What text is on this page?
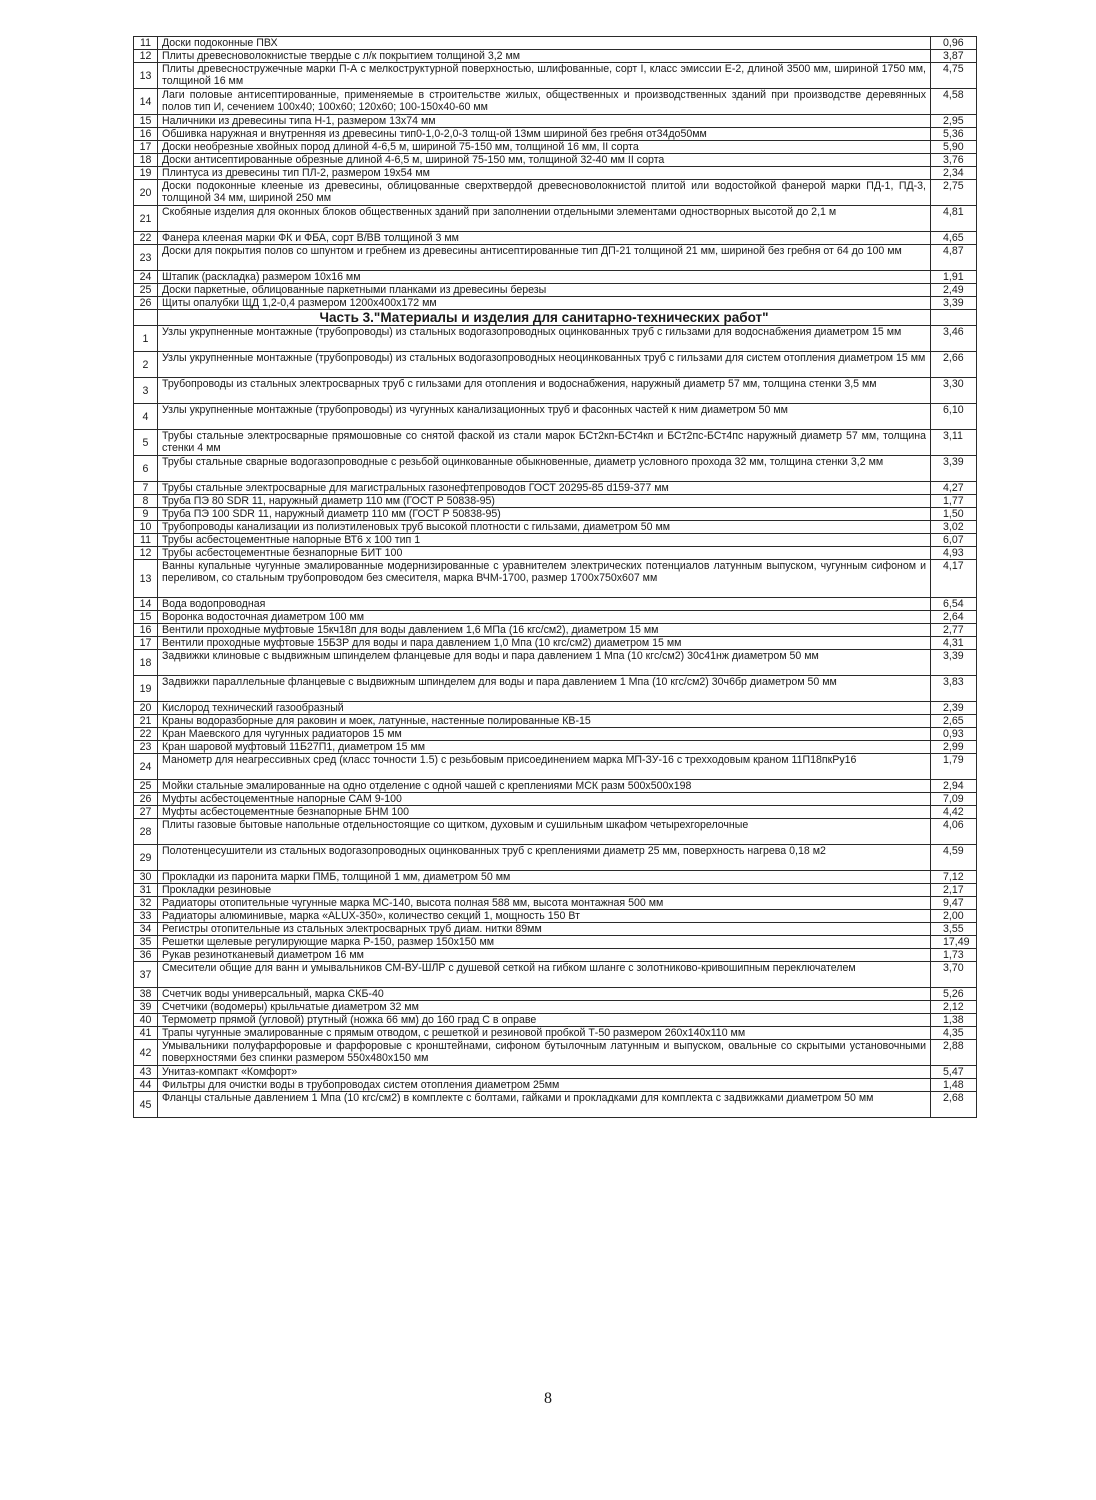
11	Доски подоконные ПВХ	0,96
12	Плиты древесноволокнистые твердые с л/к покрытием толщиной 3,2 мм	3,87
13	Плиты древесностружечные марки П-А с мелкоструктурной поверхностью, шлифованные, сорт I, класс эмиссии Е-2, длиной 3500 мм, шириной 1750 мм, толщиной 16 мм	4,75
14	Лаги половые антисептированные, применяемые в строительстве жилых, общественных и производственных зданий при производстве деревянных полов тип И, сечением 100х40; 100х60; 120х60; 100-150х40-60 мм	4,58
15	Наличники из древесины типа Н-1, размером 13х74 мм	2,95
16	Обшивка наружная и внутренняя из древесины тип0-1,0-2,0-3 толщ-ой 13мм шириной без гребня от34до50мм	5,36
17	Доски необрезные хвойных пород длиной 4-6,5 м, шириной 75-150 мм, толщиной 16 мм, II сорта	5,90
18	Доски антисептированные обрезные длиной 4-6,5 м, шириной 75-150 мм, толщиной 32-40 мм II сорта	3,76
19	Плинтуса из древесины тип ПЛ-2, размером 19х54 мм	2,34
20	Доски подоконные клееные из древесины, облицованные сверхтвердой древесноволокнистой плитой или водостойкой фанерой марки ПД-1, ПД-3, толщиной 34 мм, шириной 250 мм	2,75
21	Скобяные изделия для оконных блоков общественных зданий при заполнении отдельными элементами одностворных высотой до 2,1 м	4,81
22	Фанера клееная марки ФК и ФБА, сорт В/ВВ толщиной 3 мм	4,65
23	Доски для покрытия полов со шпунтом и гребнем из древесины антисептированные тип ДП-21 толщиной 21 мм, шириной без гребня от 64 до 100 мм	4,87
24	Штапик (раскладка) размером 10х16 мм	1,91
25	Доски паркетные, облицованные паркетными планками из древесины березы	2,49
26	Щиты опалубки ЩД 1,2-0,4 размером 1200х400х172 мм	3,39
	Часть 3."Материалы и изделия для санитарно-технических работ"	
1	Узлы укрупненные монтажные (трубопроводы) из стальных водогазопроводных оцинкованных труб с гильзами для водоснабжения диаметром 15 мм	3,46
2	Узлы укрупненные монтажные (трубопроводы) из стальных водогазопроводных неоцинкованных труб с гильзами для систем отопления диаметром 15 мм	2,66
3	Трубопроводы из стальных электросварных труб с гильзами для отопления и водоснабжения, наружный диаметр 57 мм, толщина стенки 3,5 мм	3,30
4	Узлы укрупненные монтажные (трубопроводы) из чугунных канализационных труб и фасонных частей к ним диаметром 50 мм	6,10
5	Трубы стальные электросварные прямошовные со снятой фаской из стали марок БСт2кп-БСт4кп и БСт2пс-БСт4пс наружный диаметр 57 мм, толщина стенки 4 мм	3,11
6	Трубы стальные сварные водогазопроводные с резьбой оцинкованные обыкновенные, диаметр условного прохода 32 мм, толщина стенки 3,2 мм	3,39
7	Трубы стальные электросварные для магистральных газонефтепроводов ГОСТ 20295-85 d159-377 мм	4,27
8	Труба ПЭ 80 SDR 11, наружный диаметр 110 мм (ГОСТ Р 50838-95)	1,77
9	Труба ПЭ 100 SDR 11, наружный диаметр 110 мм (ГОСТ Р 50838-95)	1,50
10	Трубопроводы канализации из полиэтиленовых труб высокой плотности с гильзами, диаметром 50 мм	3,02
11	Трубы асбестоцементные напорные ВТ6 х 100 тип 1	6,07
12	Трубы асбестоцементные безнапорные БИТ 100	4,93
13	Ванны купальные чугунные эмалированные модернизированные с уравнителем электрических потенциалов латунным выпуском, чугунным сифоном и переливом, со стальным трубопроводом без смесителя, марка ВЧМ-1700, размер 1700х750х607 мм	4,17
14	Вода водопроводная	6,54
15	Воронка водосточная диаметром 100 мм	2,64
16	Вентили проходные муфтовые 15кч18п для воды давлением 1,6 МПа (16 кгс/см2), диаметром 15 мм	2,77
17	Вентили проходные муфтовые 15БЗР для воды и пара давлением 1,0 Мпа (10 кгс/см2) диаметром 15 мм	4,31
18	Задвижки клиновые с выдвижным шпинделем фланцевые для воды и пара давлением 1 Мпа (10 кгс/см2) 30с41нж диаметром 50 мм	3,39
19	Задвижки параллельные фланцевые с выдвижным шпинделем для воды и пара давлением 1 Мпа (10 кгс/см2) 30ч6бр диаметром 50 мм	3,83
20	Кислород технический газообразный	2,39
21	Краны водоразборные для раковин и моек, латунные, настенные полированные КВ-15	2,65
22	Кран Маевского для чугунных радиаторов 15 мм	0,93
23	Кран шаровой муфтовый 11Б27П1, диаметром 15 мм	2,99
24	Манометр для неагрессивных сред (класс точности 1.5) с резьбовым присоединением марка МП-ЗУ-16 с трехходовым краном 11П18пкРу16	1,79
25	Мойки стальные эмалированные на одно отделение с одной чашей с креплениями МСК разм 500х500х198	2,94
26	Муфты асбестоцементные напорные САМ 9-100	7,09
27	Муфты асбестоцементные безнапорные БНМ 100	4,42
28	Плиты газовые бытовые напольные отдельностоящие со щитком, духовым и сушильным шкафом четырехгорелочные	4,06
29	Полотенцесушители из стальных водогазопроводных оцинкованных труб с креплениями диаметр 25 мм, поверхность нагрева 0,18 м2	4,59
30	Прокладки из паронита марки ПМБ, толщиной 1 мм, диаметром 50 мм	7,12
31	Прокладки резиновые	2,17
32	Радиаторы отопительные чугунные марка МС-140, высота полная 588 мм, высота монтажная 500 мм	9,47
33	Радиаторы алюминивые, марка «ALUX-350», количество секций 1, мощность 150 Вт	2,00
34	Регистры отопительные из стальных электросварных труб диам. нитки 89мм	3,55
35	Решетки щелевые регулирующие марка Р-150, размер 150х150 мм	17,49
36	Рукав резинотканевый диаметром 16 мм	1,73
37	Смесители общие для ванн и умывальников СМ-ВУ-ШЛР с душевой сеткой на гибком шланге с золотниково-кривошипным переключателем	3,70
38	Счетчик воды универсальный, марка СКБ-40	5,26
39	Счетчики (водомеры) крыльчатые диаметром 32 мм	2,12
40	Термометр прямой (угловой) ртутный (ножка 66 мм) до 160 град С в оправе	1,38
41	Трапы чугунные эмалированные с прямым отводом, с решеткой и резиновой пробкой Т-50 размером 260х140х110 мм	4,35
42	Умывальники полуфарфоровые и фарфоровые с кронштейнами, сифоном бутылочным латунным и выпуском, овальные со скрытыми установочными поверхностями без спинки размером 550х480х150 мм	2,88
43	Унитаз-компакт «Комфорт»	5,47
44	Фильтры для очистки воды в трубопроводах систем отопления диаметром 25мм	1,48
45	Фланцы стальные давлением 1 Мпа (10 кгс/см2) в комплекте с болтами, гайками и прокладками для комплекта с задвижками диаметром 50 мм	2,68
8
